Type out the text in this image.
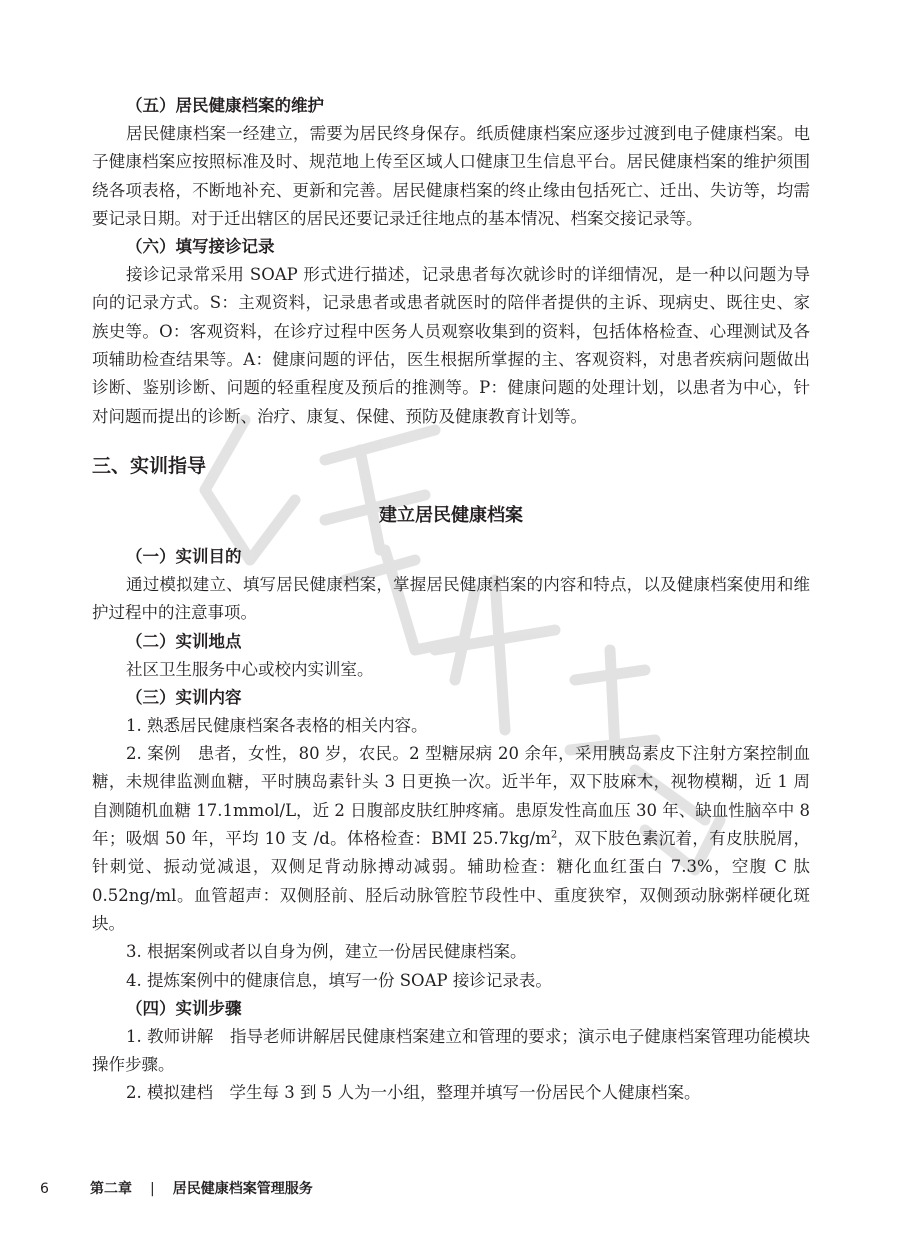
（五）居民健康档案的维护

居民健康档案一经建立，需要为居民终身保存。纸质健康档案应逐步过渡到电子健康档案。电子健康档案应按照标准及时、规范地上传至区域人口健康卫生信息平台。居民健康档案的维护须围绕各项表格，不断地补充、更新和完善。居民健康档案的终止缘由包括死亡、迁出、失访等，均需要记录日期。对于迁出辖区的居民还要记录迁往地点的基本情况、档案交接记录等。

（六）填写接诊记录

接诊记录常采用 SOAP 形式进行描述，记录患者每次就诊时的详细情况，是一种以问题为导向的记录方式。S：主观资料，记录患者或患者就医时的陪伴者提供的主诉、现病史、既往史、家族史等。O：客观资料，在诊疗过程中医务人员观察收集到的资料，包括体格检查、心理测试及各项辅助检查结果等。A：健康问题的评估，医生根据所掌握的主、客观资料，对患者疾病问题做出诊断、鉴别诊断、问题的轻重程度及预后的推测等。P：健康问题的处理计划，以患者为中心，针对问题而提出的诊断、治疗、康复、保健、预防及健康教育计划等。

三、实训指导
建立居民健康档案

（一）实训目的

通过模拟建立、填写居民健康档案，掌握居民健康档案的内容和特点，以及健康档案使用和维护过程中的注意事项。

（二）实训地点

社区卫生服务中心或校内实训室。

（三）实训内容

1. 熟悉居民健康档案各表格的相关内容。

2. 案例　患者，女性，80 岁，农民。2 型糖尿病 20 余年，采用胰岛素皮下注射方案控制血糖，未规律监测血糖，平时胰岛素针头 3 日更换一次。近半年，双下肢麻木，视物模糊，近 1 周自测随机血糖 17.1mmol/L，近 2 日腹部皮肤红肿疼痛。患原发性高血压 30 年、缺血性脑卒中 8 年；吸烟 50 年，平均 10 支 /d。体格检查：BMI $25.7kg/m^2$，双下肢色素沉着，有皮肤脱屑，针刺觉、振动觉减退，双侧足背动脉搏动减弱。辅助检查：糖化血红蛋白 7.3%，空腹 C 肽 0.52ng/ml。血管超声：双侧胫前、胫后动脉管腔节段性中、重度狭窄，双侧颈动脉粥样硬化斑块。

3. 根据案例或者以自身为例，建立一份居民健康档案。

4. 提炼案例中的健康信息，填写一份 SOAP 接诊记录表。

（四）实训步骤

1. 教师讲解　指导老师讲解居民健康档案建立和管理的要求；演示电子健康档案管理功能模块操作步骤。

2. 模拟建档　学生每 3 到 5 人为一小组，整理并填写一份居民个人健康档案。

6	第二章 | 居民健康档案管理服务
